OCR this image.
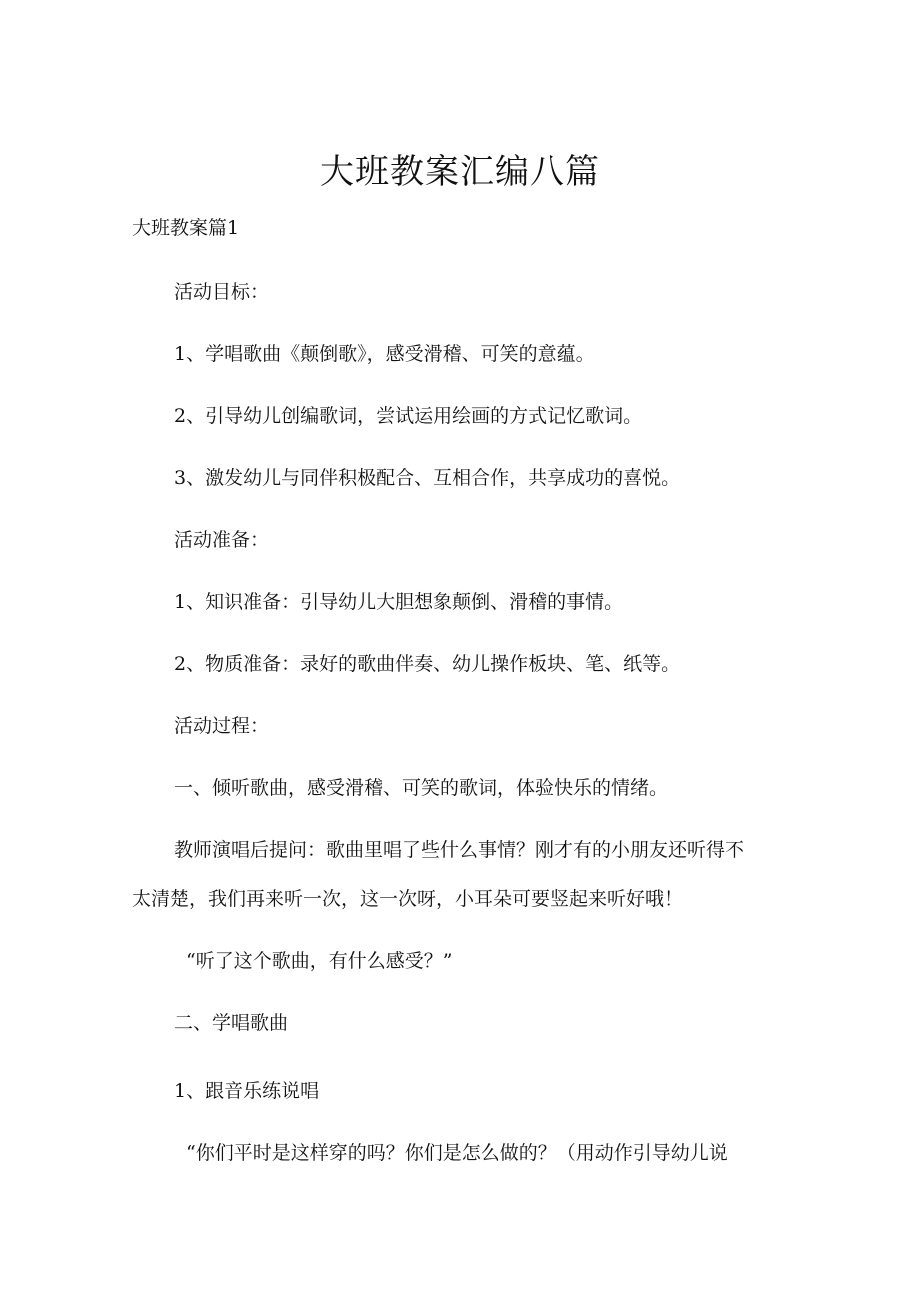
大班教案汇编八篇
大班教案篇1
活动目标：
1、学唱歌曲《颠倒歌》，感受滑稽、可笑的意蕴。
2、引导幼儿创编歌词，尝试运用绘画的方式记忆歌词。
3、激发幼儿与同伴积极配合、互相合作，共享成功的喜悦。
活动准备：
1、知识准备：引导幼儿大胆想象颠倒、滑稽的事情。
2、物质准备：录好的歌曲伴奏、幼儿操作板块、笔、纸等。
活动过程：
一、倾听歌曲，感受滑稽、可笑的歌词，体验快乐的情绪。
教师演唱后提问：歌曲里唱了些什么事情？刚才有的小朋友还听得不
太清楚，我们再来听一次，这一次呀，小耳朵可要竖起来听好哦！
“听了这个歌曲，有什么感受？”
二、学唱歌曲
1、跟音乐练说唱
“你们平时是这样穿的吗？你们是怎么做的？（用动作引导幼儿说
